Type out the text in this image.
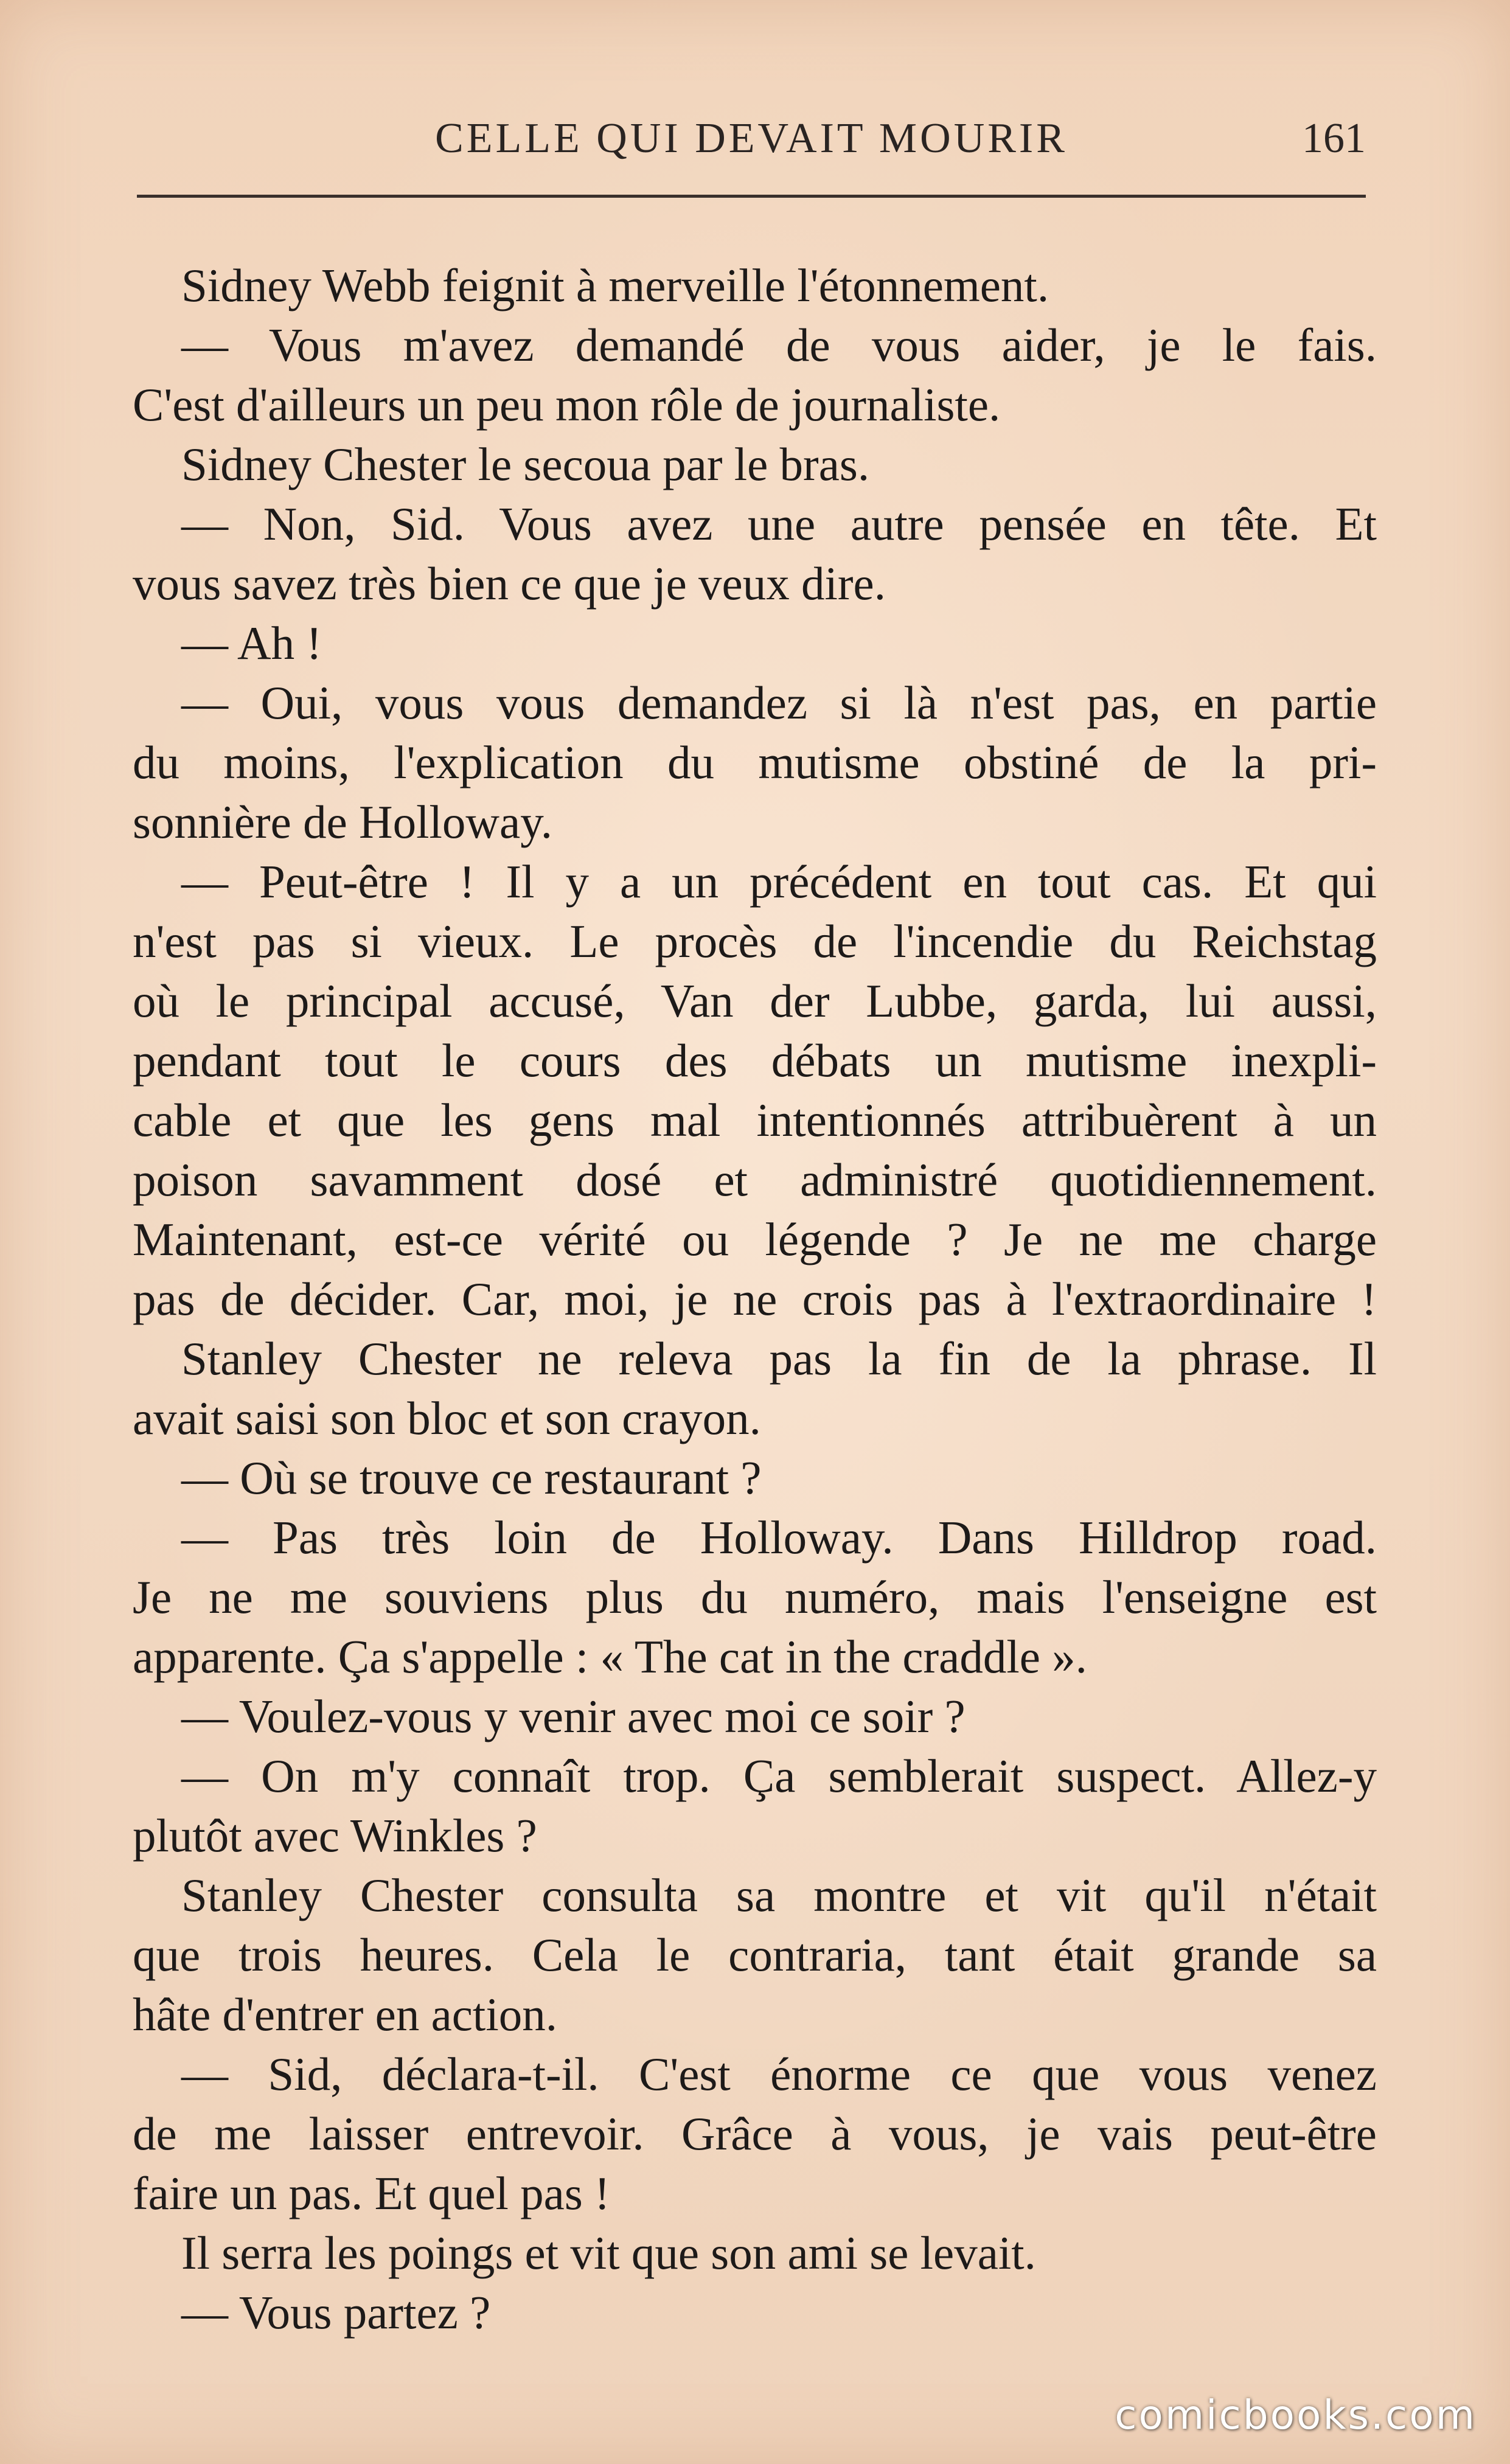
CELLE QUI DEVAIT MOURIR	161
Sidney Webb feignit à merveille l'étonnement.
— Vous m'avez demandé de vous aider, je le fais.
C'est d'ailleurs un peu mon rôle de journaliste.
Sidney Chester le secoua par le bras.
— Non, Sid. Vous avez une autre pensée en tête. Et
vous savez très bien ce que je veux dire.
— Ah !
— Oui, vous vous demandez si là n'est pas, en partie
du moins, l'explication du mutisme obstiné de la pri-
sonnière de Holloway.
— Peut-être ! Il y a un précédent en tout cas. Et qui
n'est pas si vieux. Le procès de l'incendie du Reichstag
où le principal accusé, Van der Lubbe, garda, lui aussi,
pendant tout le cours des débats un mutisme inexpli-
cable et que les gens mal intentionnés attribuèrent à un
poison savamment dosé et administré quotidiennement.
Maintenant, est-ce vérité ou légende ? Je ne me charge
pas de décider. Car, moi, je ne crois pas à l'extraordinaire !
Stanley Chester ne releva pas la fin de la phrase. Il
avait saisi son bloc et son crayon.
— Où se trouve ce restaurant ?
— Pas très loin de Holloway. Dans Hilldrop road.
Je ne me souviens plus du numéro, mais l'enseigne est
apparente. Ça s'appelle : « The cat in the craddle ».
— Voulez-vous y venir avec moi ce soir ?
— On m'y connaît trop. Ça semblerait suspect. Allez-y
plutôt avec Winkles ?
Stanley Chester consulta sa montre et vit qu'il n'était
que trois heures. Cela le contraria, tant était grande sa
hâte d'entrer en action.
— Sid, déclara-t-il. C'est énorme ce que vous venez
de me laisser entrevoir. Grâce à vous, je vais peut-être
faire un pas. Et quel pas !
Il serra les poings et vit que son ami se levait.
— Vous partez ?
comicbooks.com
